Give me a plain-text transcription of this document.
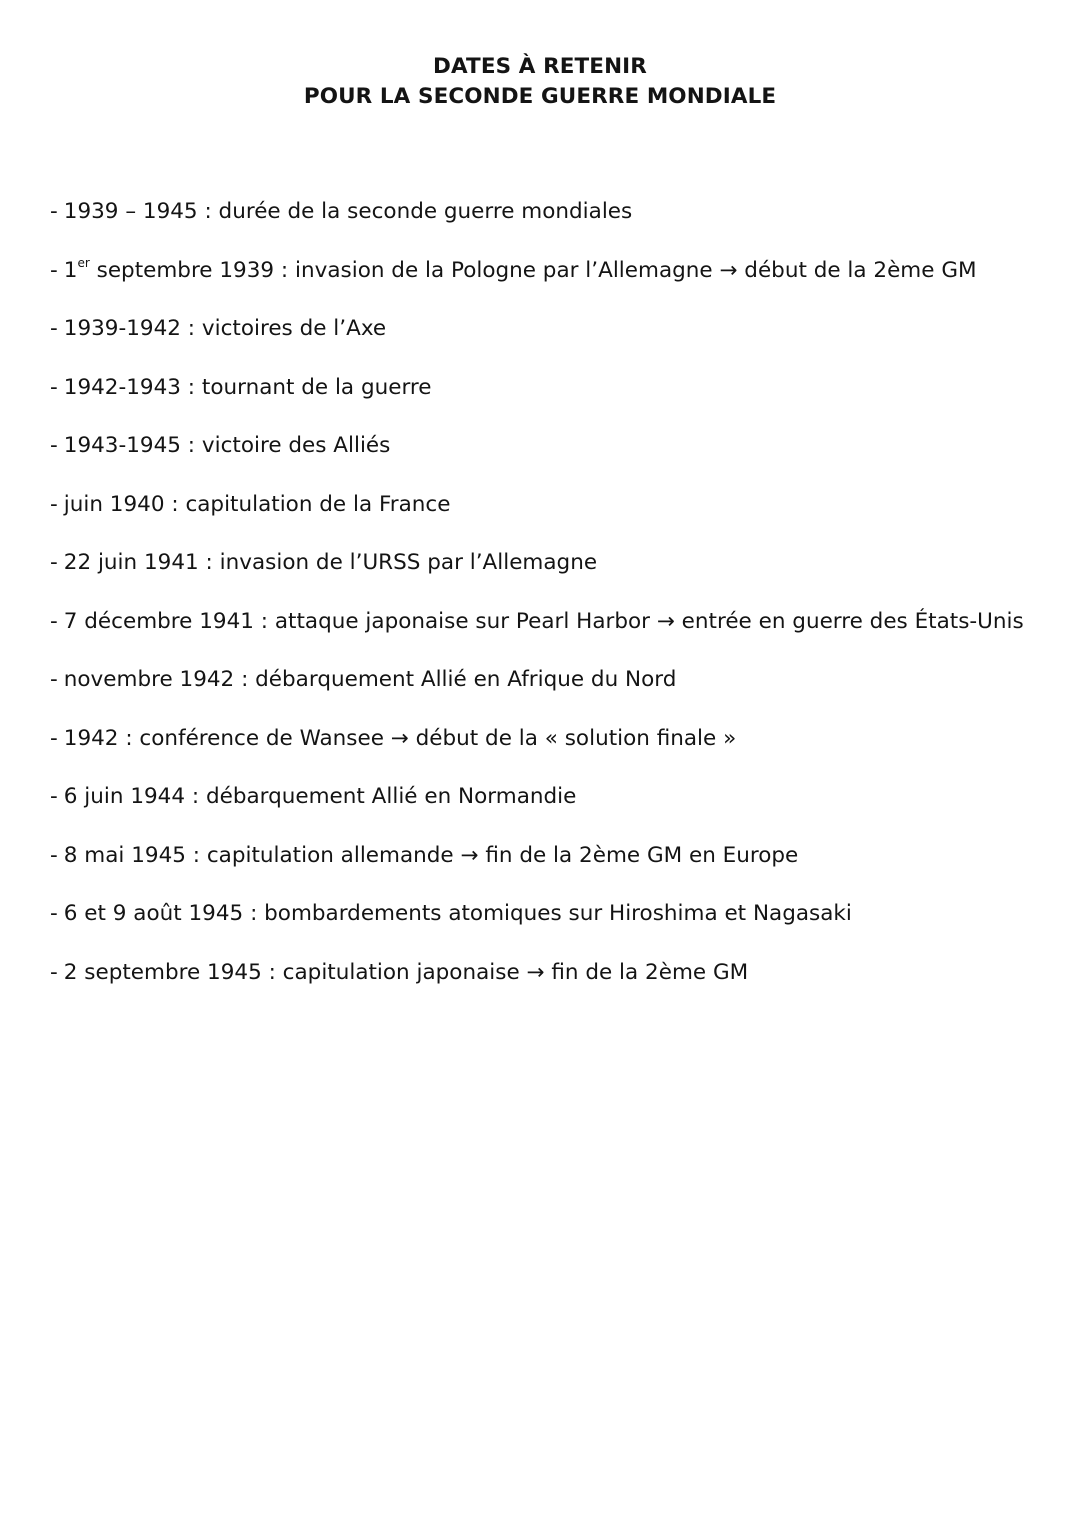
DATES À RETENIR
POUR LA SECONDE GUERRE MONDIALE
- 1939 – 1945 : durée de la seconde guerre mondiales
- 1er septembre 1939 : invasion de la Pologne par l’Allemagne → début de la 2ème GM
- 1939-1942 : victoires de l’Axe
- 1942-1943 : tournant de la guerre
- 1943-1945 : victoire des Alliés
- juin 1940 : capitulation de la France
- 22 juin 1941 : invasion de l’URSS par l’Allemagne
- 7 décembre 1941 : attaque japonaise sur Pearl Harbor → entrée en guerre des États-Unis
- novembre 1942 : débarquement Allié en Afrique du Nord
- 1942 : conférence de Wansee → début de la « solution finale »
- 6 juin 1944 : débarquement Allié en Normandie
- 8 mai 1945 : capitulation allemande → fin de la 2ème GM en Europe
- 6 et 9 août 1945 : bombardements atomiques sur Hiroshima et Nagasaki
- 2 septembre 1945 : capitulation japonaise → fin de la 2ème GM
